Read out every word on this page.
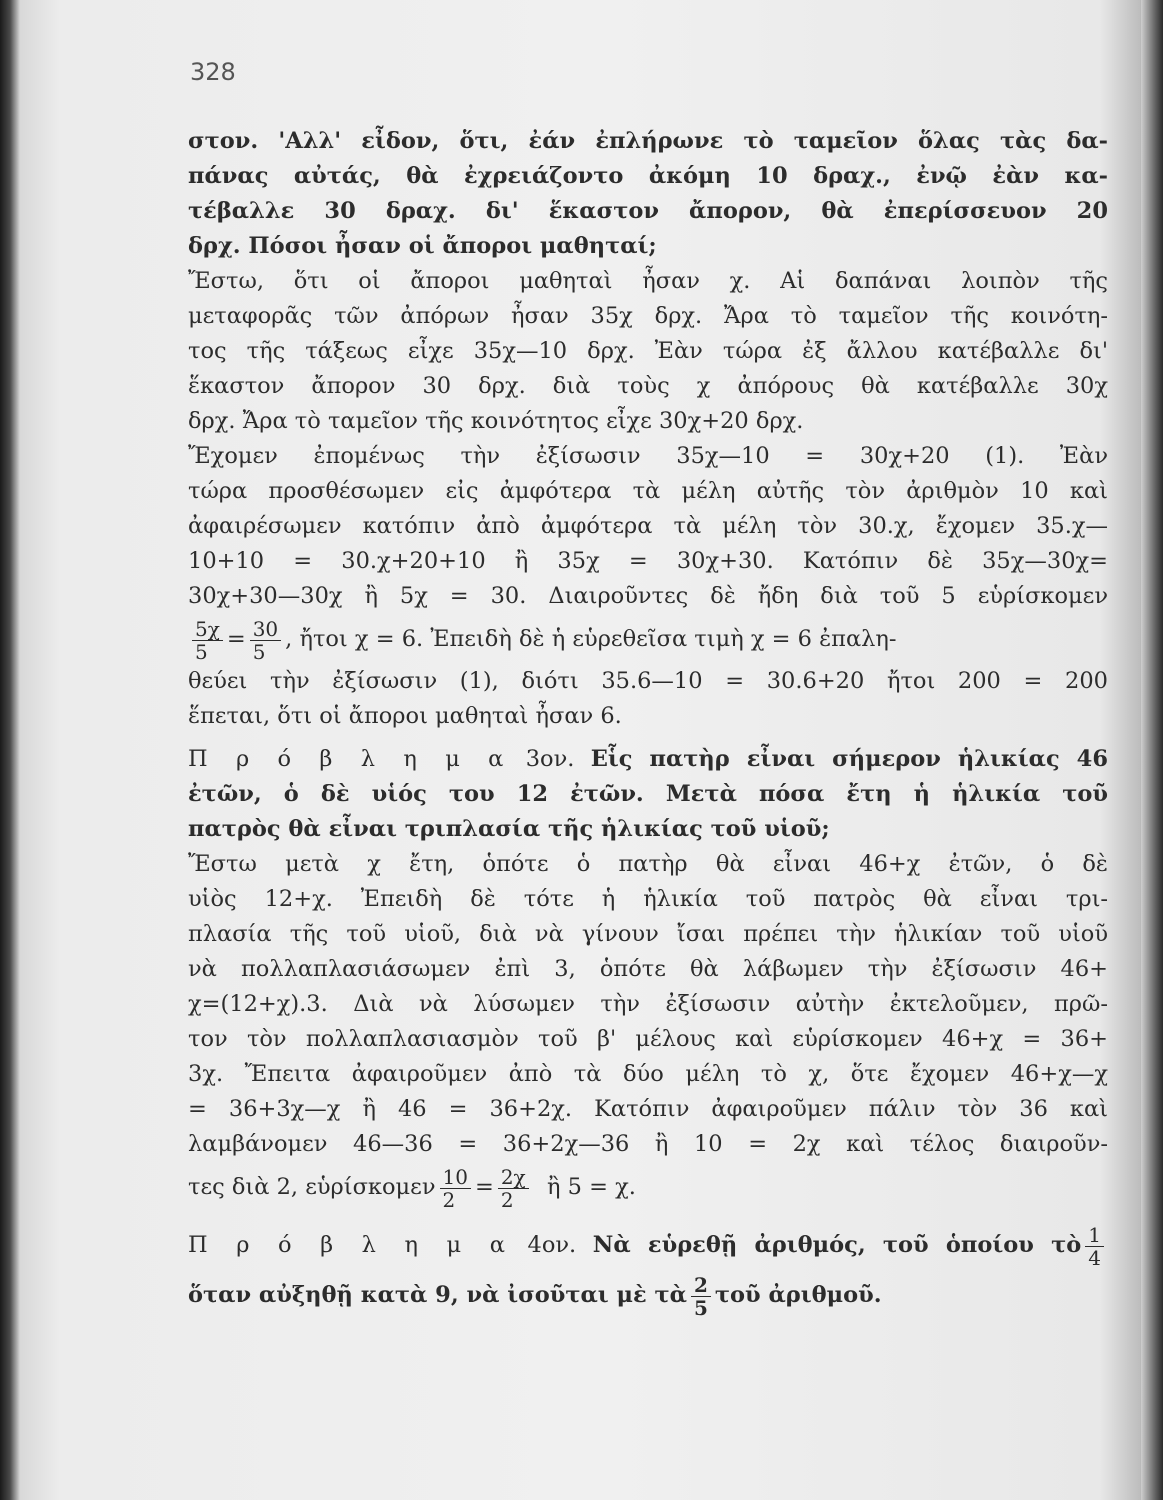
328
στον. 'Αλλ' εἶδον, ὅτι, ἐάν ἐπλήρωνε τὸ ταμεῖον ὅλας τὰς δα-
πάνας αὐτάς, θὰ ἐχρειάζοντο ἀκόμη 10 δραχ., ἐνῷ ἐὰν κα-
τέβαλλε 30 δραχ. δι' ἕκαστον ἄπορον, θὰ ἐπερίσσευον 20
δρχ. Πόσοι ἦσαν οἱ ἄποροι μαθηταί;
Ἔστω, ὅτι οἱ ἄποροι μαθηταὶ ἦσαν χ. Αἱ δαπάναι λοιπὸν τῆς
μεταφορᾶς τῶν ἀπόρων ἦσαν 35χ δρχ. Ἄρα τὸ ταμεῖον τῆς κοινότη-
τος τῆς τάξεως εἶχε 35χ—10 δρχ. Ἐὰν τώρα ἐξ ἄλλου κατέβαλλε δι'
ἕκαστον ἄπορον 30 δρχ. διὰ τοὺς χ ἀπόρους θὰ κατέβαλλε 30χ
δρχ. Ἄρα τὸ ταμεῖον τῆς κοινότητος εἶχε 30χ+20 δρχ.
Ἔχομεν ἐπομένως τὴν ἐξίσωσιν 35χ—10 = 30χ+20 (1). Ἐὰν
τώρα προσθέσωμεν εἰς ἀμφότερα τὰ μέλη αὐτῆς τὸν ἀριθμὸν 10 καὶ
ἀφαιρέσωμεν κατόπιν ἀπὸ ἀμφότερα τὰ μέλη τὸν 30.χ, ἔχομεν 35.χ—
10+10 = 30.χ+20+10 ἢ 35χ = 30χ+30. Κατόπιν δὲ 35χ—30χ=
30χ+30—30χ ἢ 5χ = 30. Διαιροῦντες δὲ ἤδη διὰ τοῦ 5 εὑρίσκομεν
$\frac{5\chi}{5} = \frac{30}{5}$ , ἤτοι χ = 6. Ἐπειδὴ δὲ ἡ εὑρεθεῖσα τιμὴ χ = 6 ἐπαλη-
θεύει τὴν ἐξίσωσιν (1), διότι 35.6—10 = 30.6+20 ἤτοι 200 = 200
ἕπεται, ὅτι οἱ ἄποροι μαθηταὶ ἦσαν 6.
Π ρ ό β λ η μ α 3ον. Εἷς πατὴρ εἶναι σήμερον ἡλικίας 46
ἐτῶν, ὁ δὲ υἱός του 12 ἐτῶν. Μετὰ πόσα ἔτη ἡ ἡλικία τοῦ
πατρὸς θὰ εἶναι τριπλασία τῆς ἡλικίας τοῦ υἱοῦ;
Ἔστω μετὰ χ ἔτη, ὁπότε ὁ πατὴρ θὰ εἶναι 46+χ ἐτῶν, ὁ δὲ
υἱὸς 12+χ. Ἐπειδὴ δὲ τότε ἡ ἡλικία τοῦ πατρὸς θὰ εἶναι τρι-
πλασία τῆς τοῦ υἱοῦ, διὰ νὰ γίνουν ἴσαι πρέπει τὴν ἡλικίαν τοῦ υἱοῦ
νὰ πολλαπλασιάσωμεν ἐπὶ 3, ὁπότε θὰ λάβωμεν τὴν ἐξίσωσιν 46+
χ=(12+χ).3. Διὰ νὰ λύσωμεν τὴν ἐξίσωσιν αὐτὴν ἐκτελοῦμεν, πρῶ-
τον τὸν πολλαπλασιασμὸν τοῦ β' μέλους καὶ εὑρίσκομεν 46+χ = 36+
3χ. Ἔπειτα ἀφαιροῦμεν ἀπὸ τὰ δύο μέλη τὸ χ, ὅτε ἔχομεν 46+χ—χ
= 36+3χ—χ ἢ 46 = 36+2χ. Κατόπιν ἀφαιροῦμεν πάλιν τὸν 36 καὶ
λαμβάνομεν 46—36 = 36+2χ—36 ἢ 10 = 2χ καὶ τέλος διαιροῦν-
τες διὰ 2, εὑρίσκομεν $\frac{10}{2} = \frac{2\chi}{2}$ ἢ 5 = χ.
Π ρ ό β λ η μ α 4ον. Νὰ εὑρεθῇ ἀριθμός, τοῦ ὁποίου τὸ $\frac{1}{4}$
ὅταν αὐξηθῇ κατὰ 9, νὰ ἰσοῦται μὲ τὰ $\frac{2}{5}$ τοῦ ἀριθμοῦ.
